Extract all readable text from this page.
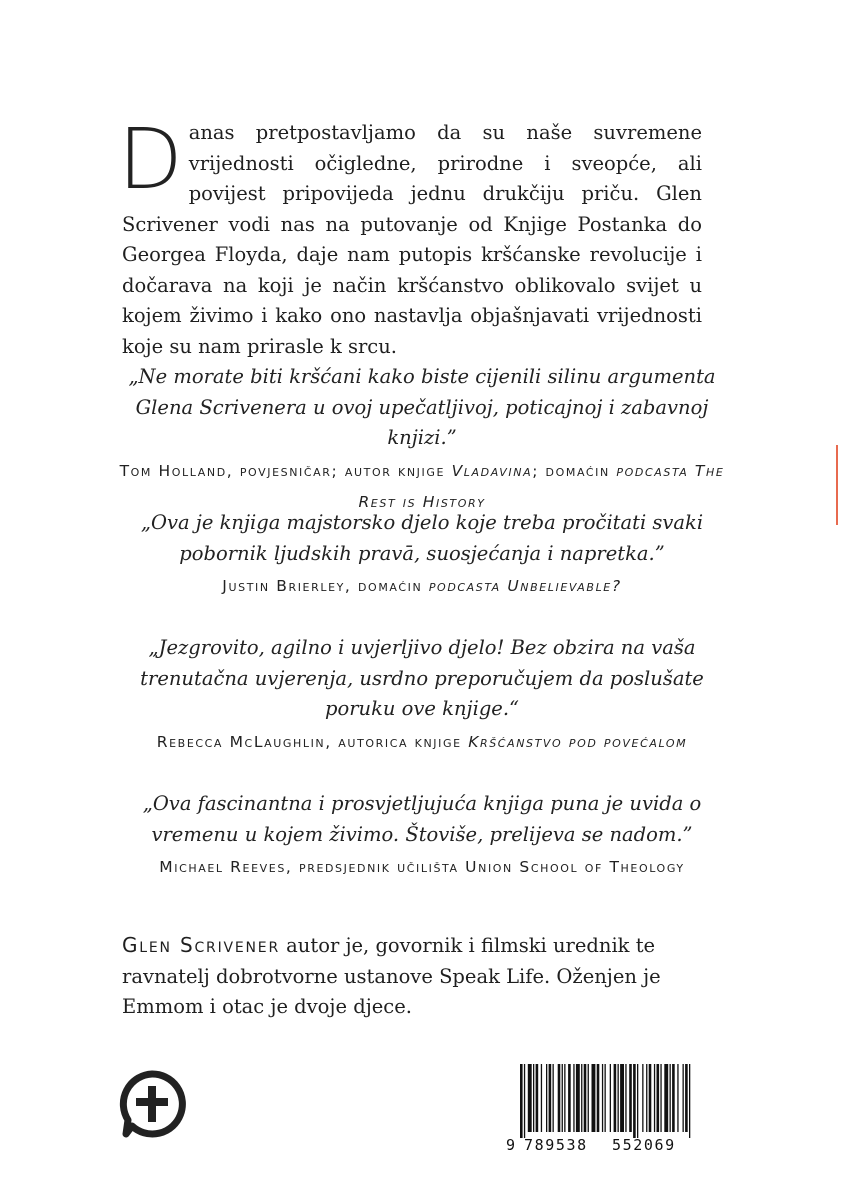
Danas pretpostavljamo da su naše suvremene vrijednosti očigledne, prirodne i sveopće, ali povijest pripovijeda jednu drukčiju priču. Glen Scrivener vodi nas na putovanje od Knjige Postanka do Georgea Floyda, daje nam putopis kršćanske revolucije i dočarava na koji je način kršćanstvo oblikovalo svijet u kojem živimo i kako ono nastavlja objašnjavati vrijednosti koje su nam prirasle k srcu.
„Ne morate biti kršćani kako biste cijenili silinu argumenta Glena Scrivenera u ovoj upečatljivoj, poticajnoj i zabavnoj knjizi.”
Tom Holland, povjesničar; autor knjige Vladavina; domaćin podcasta The Rest is History
„Ova je knjiga majstorsko djelo koje treba pročitati svaki pobornik ljudskih pravā, suosjećanja i napretka.”
Justin Brierley, domaćin podcasta Unbelievable?
„Jezgrovito, agilno i uvjerljivo djelo! Bez obzira na vaša trenutačna uvjerenja, usrdno preporučujem da poslušate poruku ove knjige.“
Rebecca McLaughlin, autorica knjige Kršćanstvo pod povećalom
„Ova fascinantna i prosvjetljujuća knjiga puna je uvida o vremenu u kojem živimo. Štoviše, prelijeva se nadom.”
Michael Reeves, predsjednik učilišta Union School of Theology
Glen Scrivener autor je, govornik i filmski urednik te ravnatelj dobrotvorne ustanove Speak Life. Oženjen je Emmom i otac je dvoje djece.
9 789538 552069
